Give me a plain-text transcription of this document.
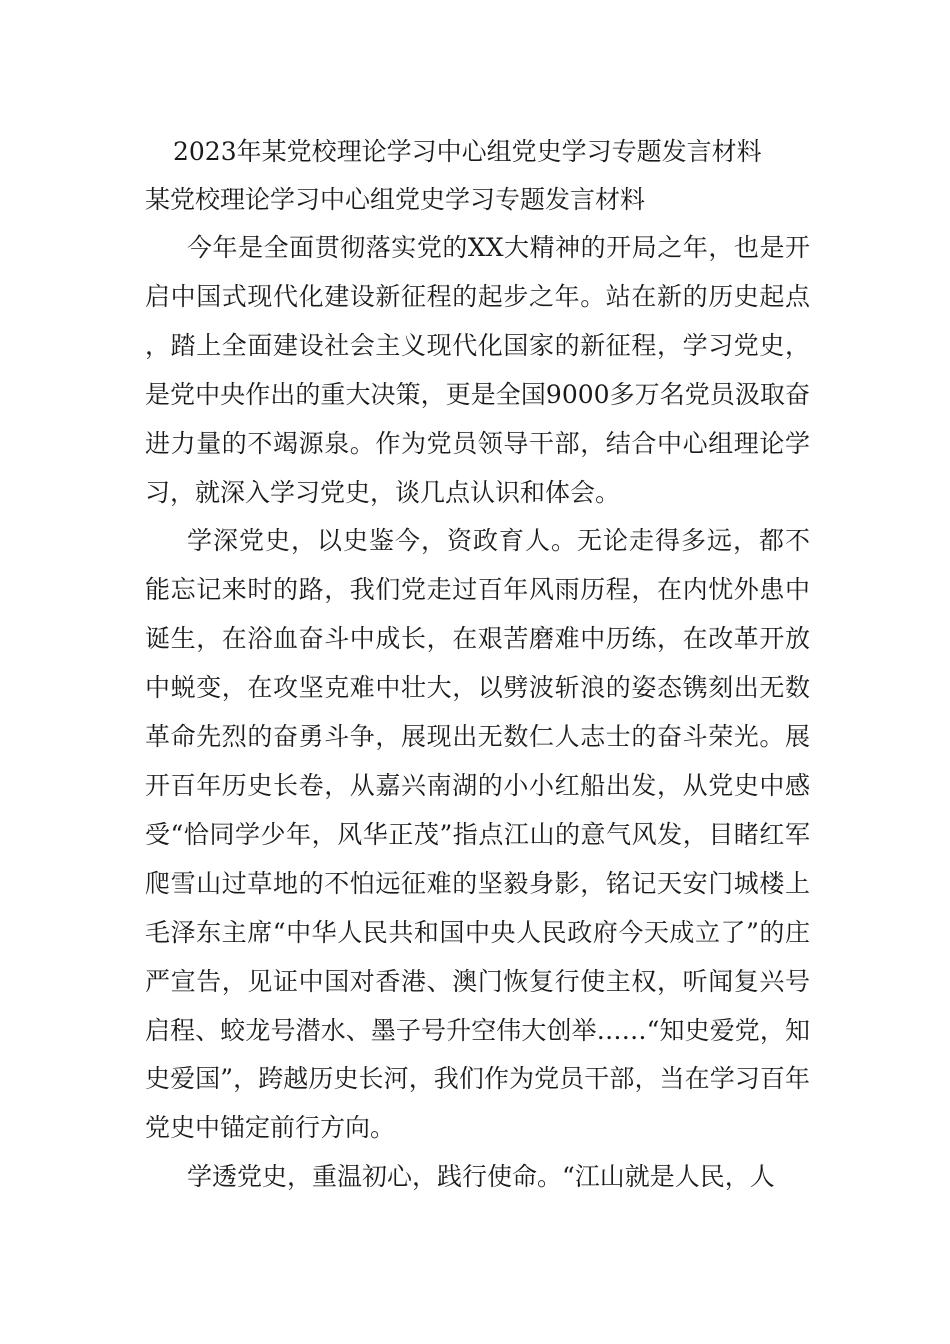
2023年某党校理论学习中心组党史学习专题发言材料
某党校理论学习中心组党史学习专题发言材料

今年是全面贯彻落实党的XX大精神的开局之年，也是开启中国式现代化建设新征程的起步之年。站在新的历史起点，踏上全面建设社会主义现代化国家的新征程，学习党史，是党中央作出的重大决策，更是全国9000多万名党员汲取奋进力量的不竭源泉。作为党员领导干部，结合中心组理论学习，就深入学习党史，谈几点认识和体会。

学深党史，以史鉴今，资政育人。无论走得多远，都不能忘记来时的路，我们党走过百年风雨历程，在内忧外患中诞生，在浴血奋斗中成长，在艰苦磨难中历练，在改革开放中蜕变，在攻坚克难中壮大，以劈波斩浪的姿态镌刻出无数革命先烈的奋勇斗争，展现出无数仁人志士的奋斗荣光。展开百年历史长卷，从嘉兴南湖的小小红船出发，从党史中感受“恰同学少年，风华正茂”指点江山的意气风发，目睹红军爬雪山过草地的不怕远征难的坚毅身影，铭记天安门城楼上毛泽东主席“中华人民共和国中央人民政府今天成立了”的庄严宣告，见证中国对香港、澳门恢复行使主权，听闻复兴号启程、蛟龙号潜水、墨子号升空伟大创举……“知史爱党，知史爱国”，跨越历史长河，我们作为党员干部，当在学习百年党史中锚定前行方向。

学透党史，重温初心，践行使命。“江山就是人民，人
